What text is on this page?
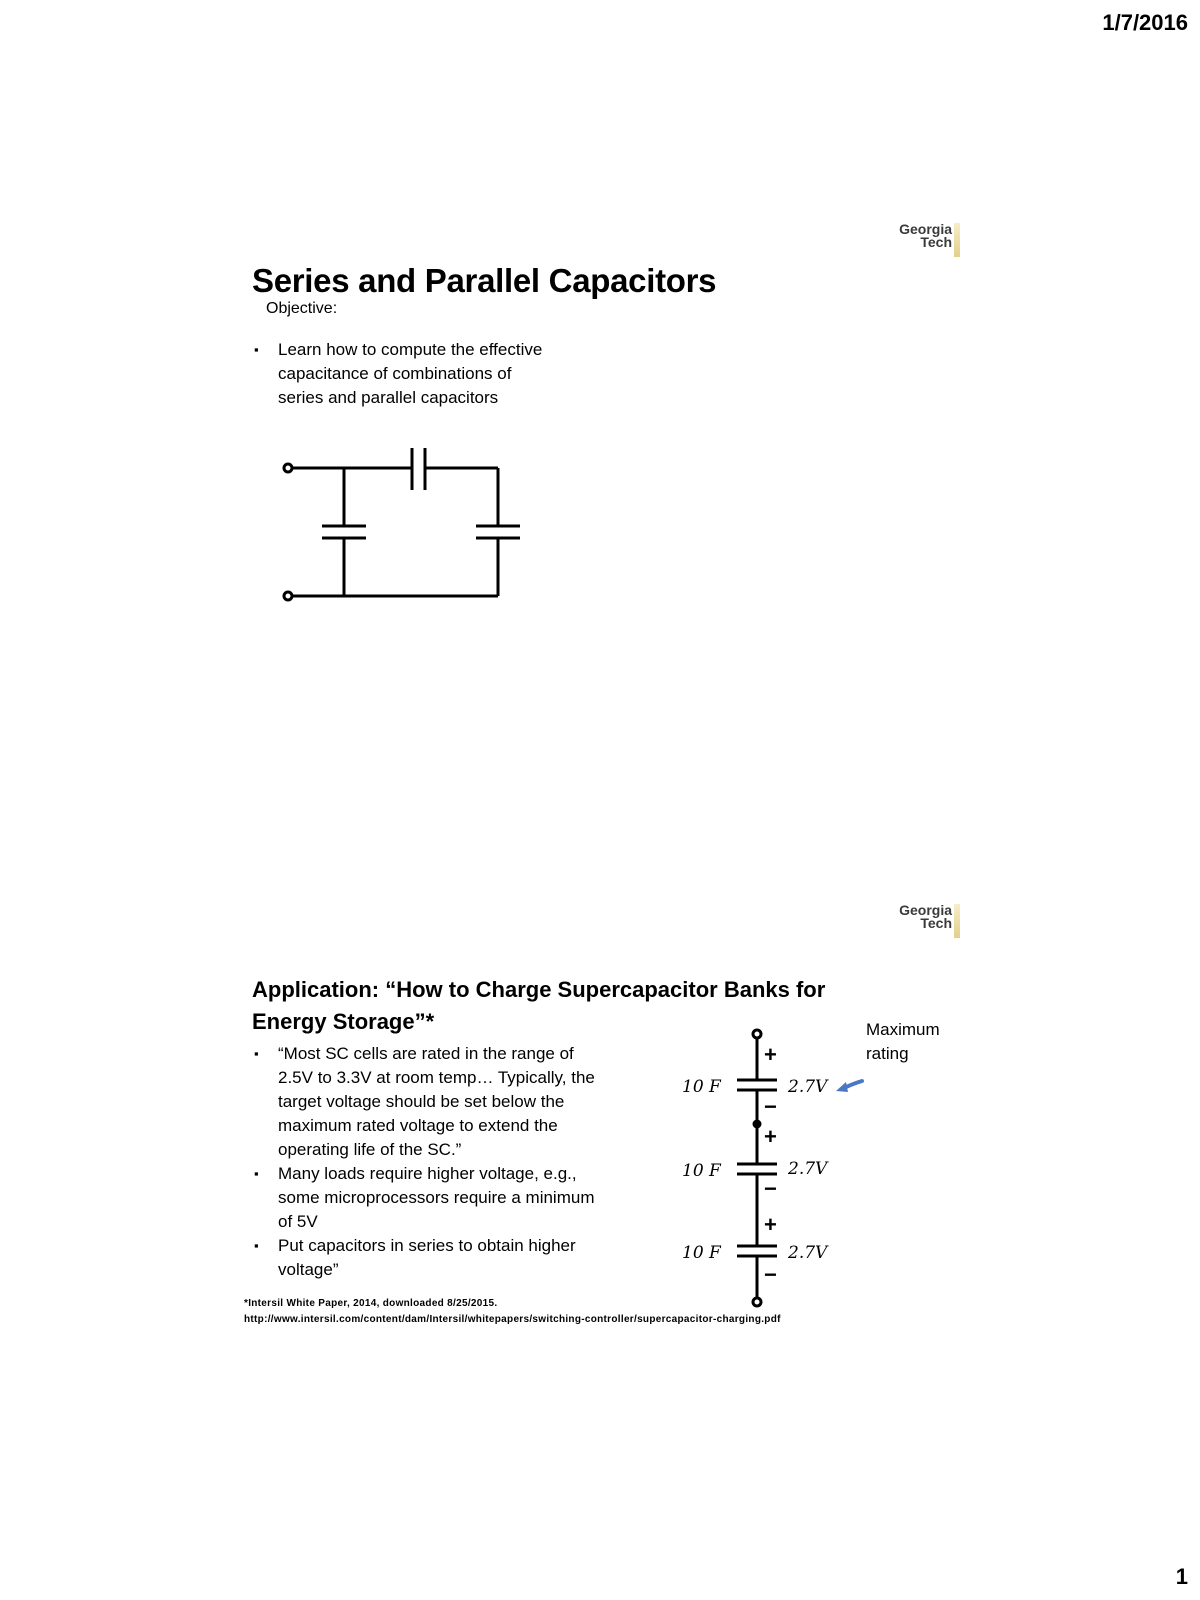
1/7/2016
Georgia
Tech
Series and Parallel Capacitors
Objective:
▪ Learn how to compute the effective capacitance of combinations of series and parallel capacitors
Georgia
Tech
Application: “How to Charge Supercapacitor Banks for Energy Storage”*
▪ “Most SC cells are rated in the range of 2.5V to 3.3V at room temp… Typically, the target voltage should be set below the maximum rated voltage to extend the operating life of the SC.”
▪ Many loads require higher voltage, e.g., some microprocessors require a minimum of 5V
▪ Put capacitors in series to obtain higher voltage”
+
−
+
−
+
−
10 F
10 F
10 F
2.7V
2.7V
2.7V
Maximum
rating
*Intersil White Paper, 2014, downloaded 8/25/2015.
http://www.intersil.com/content/dam/Intersil/whitepapers/switching-controller/supercapacitor-charging.pdf
1
